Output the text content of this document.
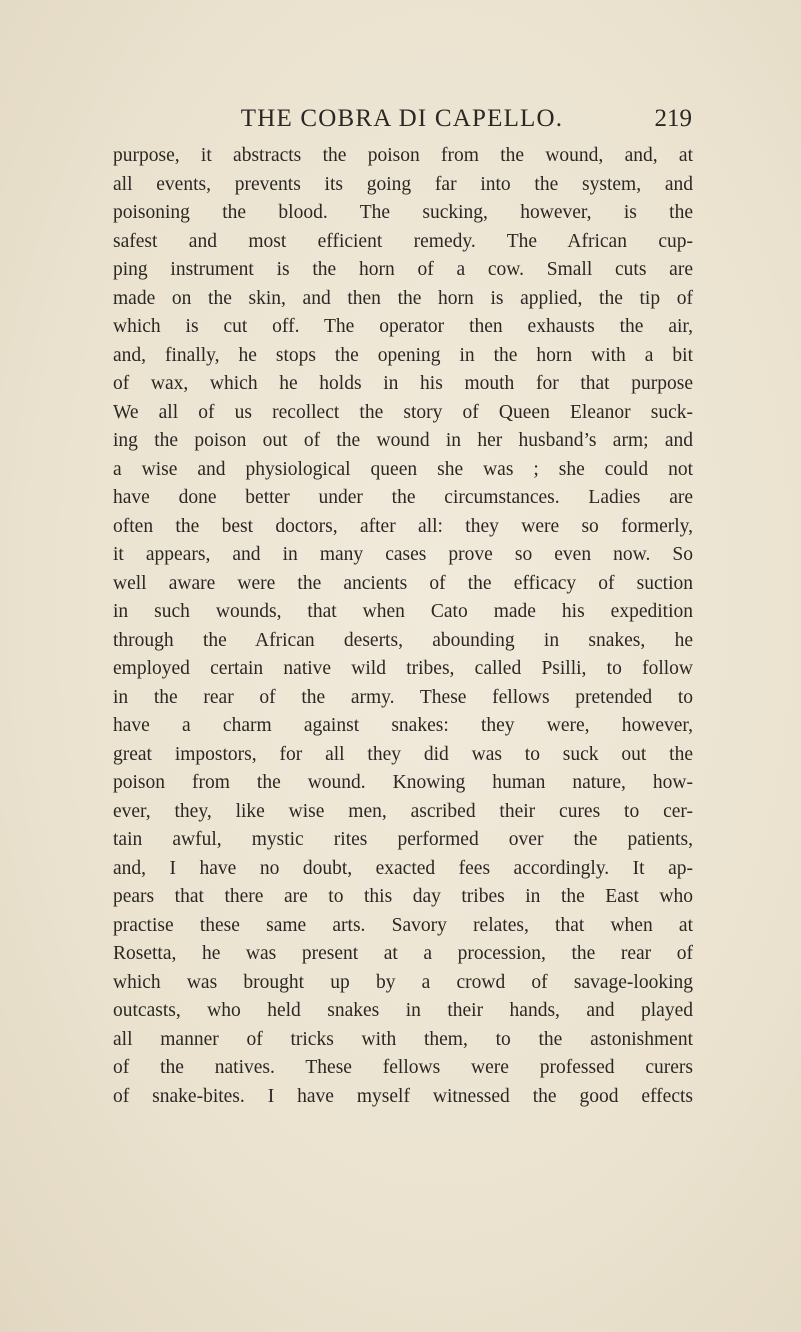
THE COBRA DI CAPELLO.	219
purpose, it abstracts the poison from the wound, and, at
all events, prevents its going far into the system, and
poisoning the blood. The sucking, however, is the
safest and most efficient remedy. The African cup-
ping instrument is the horn of a cow. Small cuts are
made on the skin, and then the horn is applied, the tip of
which is cut off. The operator then exhausts the air,
and, finally, he stops the opening in the horn with a bit
of wax, which he holds in his mouth for that purpose
We all of us recollect the story of Queen Eleanor suck-
ing the poison out of the wound in her husband’s arm; and
a wise and physiological queen she was ; she could not
have done better under the circumstances. Ladies are
often the best doctors, after all: they were so formerly,
it appears, and in many cases prove so even now. So
well aware were the ancients of the efficacy of suction
in such wounds, that when Cato made his expedition
through the African deserts, abounding in snakes, he
employed certain native wild tribes, called Psilli, to follow
in the rear of the army. These fellows pretended to
have a charm against snakes: they were, however,
great impostors, for all they did was to suck out the
poison from the wound. Knowing human nature, how-
ever, they, like wise men, ascribed their cures to cer-
tain awful, mystic rites performed over the patients,
and, I have no doubt, exacted fees accordingly. It ap-
pears that there are to this day tribes in the East who
practise these same arts. Savory relates, that when at
Rosetta, he was present at a procession, the rear of
which was brought up by a crowd of savage-looking
outcasts, who held snakes in their hands, and played
all manner of tricks with them, to the astonishment
of the natives. These fellows were professed curers
of snake-bites. I have myself witnessed the good effects
